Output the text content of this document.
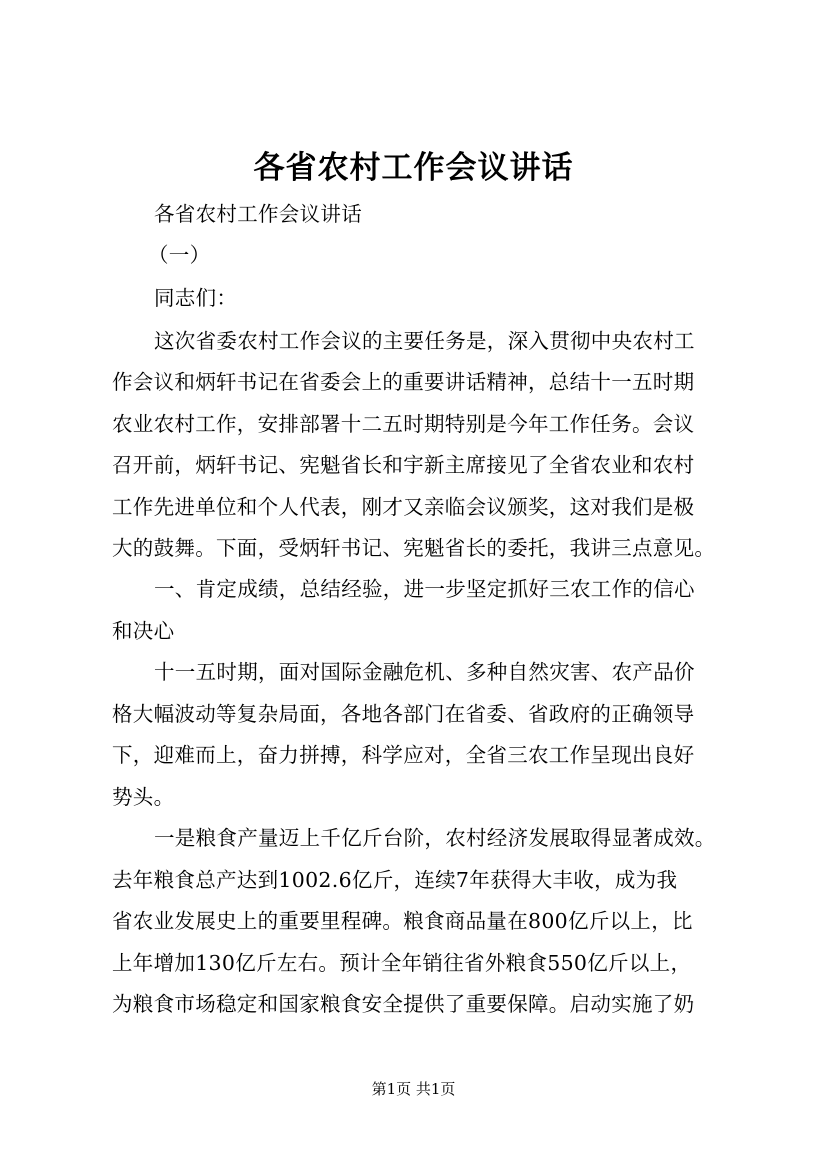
各省农村工作会议讲话
各省农村工作会议讲话
（一）
同志们：
这次省委农村工作会议的主要任务是，深入贯彻中央农村工
作会议和炳轩书记在省委会上的重要讲话精神，总结十一五时期
农业农村工作，安排部署十二五时期特别是今年工作任务。会议
召开前，炳轩书记、宪魁省长和宇新主席接见了全省农业和农村
工作先进单位和个人代表，刚才又亲临会议颁奖，这对我们是极
大的鼓舞。下面，受炳轩书记、宪魁省长的委托，我讲三点意见。
一、肯定成绩，总结经验，进一步坚定抓好三农工作的信心
和决心
十一五时期，面对国际金融危机、多种自然灾害、农产品价
格大幅波动等复杂局面，各地各部门在省委、省政府的正确领导
下，迎难而上，奋力拼搏，科学应对，全省三农工作呈现出良好
势头。
一是粮食产量迈上千亿斤台阶，农村经济发展取得显著成效。
去年粮食总产达到1002.6亿斤，连续7年获得大丰收，成为我
省农业发展史上的重要里程碑。粮食商品量在800亿斤以上，比
上年增加130亿斤左右。预计全年销往省外粮食550亿斤以上，
为粮食市场稳定和国家粮食安全提供了重要保障。启动实施了奶
第1页 共1页
